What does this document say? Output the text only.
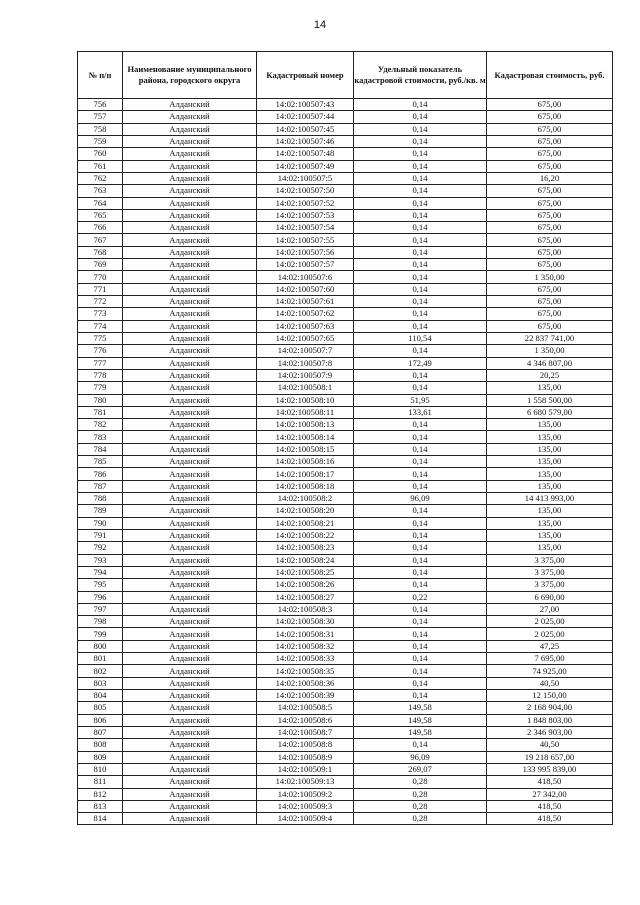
14
№ п/п	Наименование муниципального района, городского округа	Кадастровый номер	Удельный показатель кадастровой стоимости, руб./кв. м	Кадастровая стоимость, руб.
756	Алданский	14:02:100507:43	0,14	675,00
757	Алданский	14:02:100507:44	0,14	675,00
758	Алданский	14:02:100507:45	0,14	675,00
759	Алданский	14:02:100507:46	0,14	675,00
760	Алданский	14:02:100507:48	0,14	675,00
761	Алданский	14:02:100507:49	0,14	675,00
762	Алданский	14:02:100507:5	0,14	16,20
763	Алданский	14:02:100507:50	0,14	675,00
764	Алданский	14:02:100507:52	0,14	675,00
765	Алданский	14:02:100507:53	0,14	675,00
766	Алданский	14:02:100507:54	0,14	675,00
767	Алданский	14:02:100507:55	0,14	675,00
768	Алданский	14:02:100507:56	0,14	675,00
769	Алданский	14:02:100507:57	0,14	675,00
770	Алданский	14:02:100507:6	0,14	1 350,00
771	Алданский	14:02:100507:60	0,14	675,00
772	Алданский	14:02:100507:61	0,14	675,00
773	Алданский	14:02:100507:62	0,14	675,00
774	Алданский	14:02:100507:63	0,14	675,00
775	Алданский	14:02:100507:65	110,54	22 837 741,00
776	Алданский	14:02:100507:7	0,14	1 350,00
777	Алданский	14:02:100507:8	172,49	4 346 807,00
778	Алданский	14:02:100507:9	0,14	20,25
779	Алданский	14:02:100508:1	0,14	135,00
780	Алданский	14:02:100508:10	51,95	1 558 500,00
781	Алданский	14:02:100508:11	133,61	6 680 579,00
782	Алданский	14:02:100508:13	0,14	135,00
783	Алданский	14:02:100508:14	0,14	135,00
784	Алданский	14:02:100508:15	0,14	135,00
785	Алданский	14:02:100508:16	0,14	135,00
786	Алданский	14:02:100508:17	0,14	135,00
787	Алданский	14:02:100508:18	0,14	135,00
788	Алданский	14:02:100508:2	96,09	14 413 993,00
789	Алданский	14:02:100508:20	0,14	135,00
790	Алданский	14:02:100508:21	0,14	135,00
791	Алданский	14:02:100508:22	0,14	135,00
792	Алданский	14:02:100508:23	0,14	135,00
793	Алданский	14:02:100508:24	0,14	3 375,00
794	Алданский	14:02:100508:25	0,14	3 375,00
795	Алданский	14:02:100508:26	0,14	3 375,00
796	Алданский	14:02:100508:27	0,22	6 690,00
797	Алданский	14:02:100508:3	0,14	27,00
798	Алданский	14:02:100508:30	0,14	2 025,00
799	Алданский	14:02:100508:31	0,14	2 025,00
800	Алданский	14:02:100508:32	0,14	47,25
801	Алданский	14:02:100508:33	0,14	7 695,00
802	Алданский	14:02:100508:35	0,14	74 925,00
803	Алданский	14:02:100508:36	0,14	40,50
804	Алданский	14:02:100508:39	0,14	12 150,00
805	Алданский	14:02:100508:5	149,58	2 168 904,00
806	Алданский	14:02:100508:6	149,58	1 848 803,00
807	Алданский	14:02:100508:7	149,58	2 346 903,00
808	Алданский	14:02:100508:8	0,14	40,50
809	Алданский	14:02:100508:9	96,09	19 218 657,00
810	Алданский	14:02:100509:1	269,07	133 995 839,00
811	Алданский	14:02:100509:13	0,28	418,50
812	Алданский	14:02:100509:2	0,28	27 342,00
813	Алданский	14:02:100509:3	0,28	418,50
814	Алданский	14:02:100509:4	0,28	418,50
